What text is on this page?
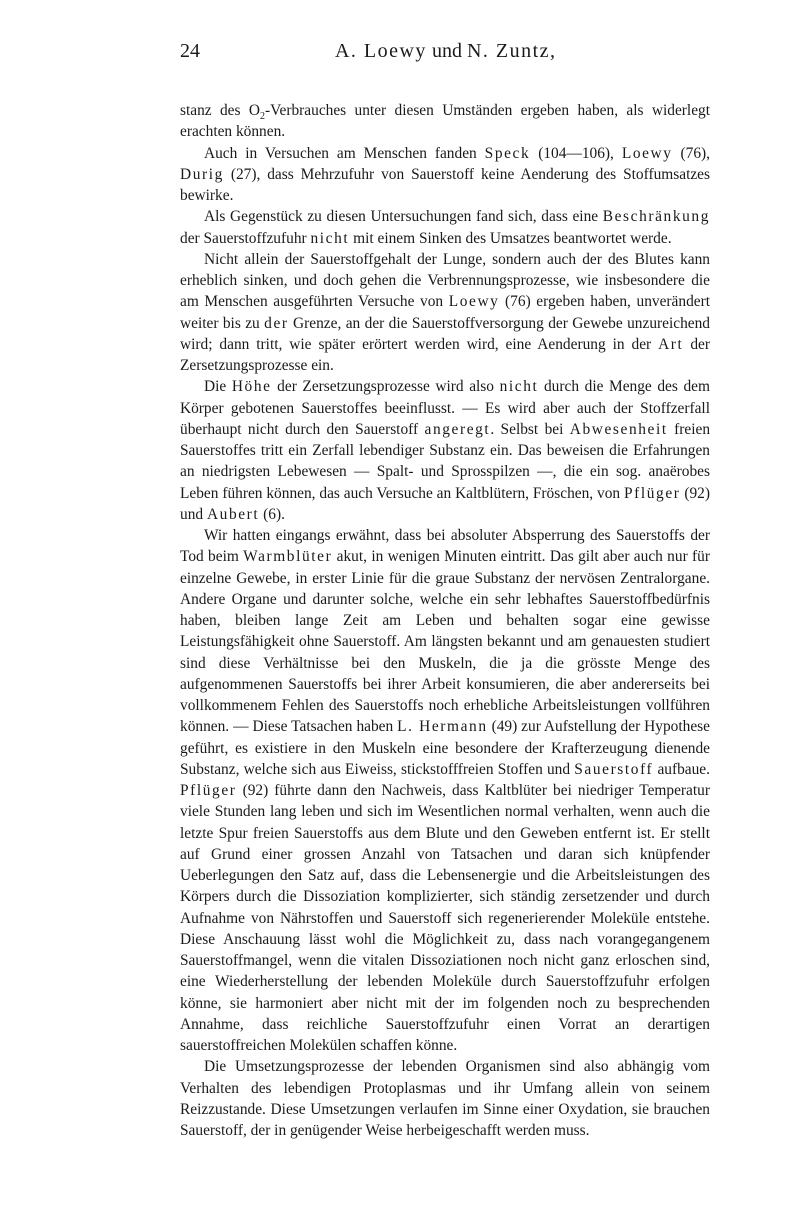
24	A. Loewy und N. Zuntz,

stanz des $O_2$-Verbrauches unter diesen Umständen ergeben haben, als widerlegt erachten können.

Auch in Versuchen am Menschen fanden Speck (104—106), Loewy (76), Durig (27), dass Mehrzufuhr von Sauerstoff keine Aenderung des Stoffumsatzes bewirke.

Als Gegenstück zu diesen Untersuchungen fand sich, dass eine Beschränkung der Sauerstoffzufuhr nicht mit einem Sinken des Umsatzes beantwortet werde.

Nicht allein der Sauerstoffgehalt der Lunge, sondern auch der des Blutes kann erheblich sinken, und doch gehen die Verbrennungsprozesse, wie insbesondere die am Menschen ausgeführten Versuche von Loewy (76) ergeben haben, unverändert weiter bis zu der Grenze, an der die Sauerstoffversorgung der Gewebe unzureichend wird; dann tritt, wie später erörtert werden wird, eine Aenderung in der Art der Zersetzungsprozesse ein.

Die Höhe der Zersetzungsprozesse wird also nicht durch die Menge des dem Körper gebotenen Sauerstoffes beeinflusst. — Es wird aber auch der Stoffzerfall überhaupt nicht durch den Sauerstoff angeregt. Selbst bei Abwesenheit freien Sauerstoffes tritt ein Zerfall lebendiger Substanz ein. Das beweisen die Erfahrungen an niedrigsten Lebewesen — Spalt- und Sprosspilzen —, die ein sog. anaërobes Leben führen können, das auch Versuche an Kaltblütern, Fröschen, von Pflüger (92) und Aubert (6).

Wir hatten eingangs erwähnt, dass bei absoluter Absperrung des Sauerstoffs der Tod beim Warmblüter akut, in wenigen Minuten eintritt. Das gilt aber auch nur für einzelne Gewebe, in erster Linie für die graue Substanz der nervösen Zentralorgane. Andere Organe und darunter solche, welche ein sehr lebhaftes Sauerstoffbedürfnis haben, bleiben lange Zeit am Leben und behalten sogar eine gewisse Leistungsfähigkeit ohne Sauerstoff. Am längsten bekannt und am genauesten studiert sind diese Verhältnisse bei den Muskeln, die ja die grösste Menge des aufgenommenen Sauerstoffs bei ihrer Arbeit konsumieren, die aber andererseits bei vollkommenem Fehlen des Sauerstoffs noch erhebliche Arbeitsleistungen vollführen können. — Diese Tatsachen haben L. Hermann (49) zur Aufstellung der Hypothese geführt, es existiere in den Muskeln eine besondere der Krafterzeugung dienende Substanz, welche sich aus Eiweiss, stickstofffreien Stoffen und Sauerstoff aufbaue. Pflüger (92) führte dann den Nachweis, dass Kaltblüter bei niedriger Temperatur viele Stunden lang leben und sich im Wesentlichen normal verhalten, wenn auch die letzte Spur freien Sauerstoffs aus dem Blute und den Geweben entfernt ist. Er stellt auf Grund einer grossen Anzahl von Tatsachen und daran sich knüpfender Ueberlegungen den Satz auf, dass die Lebensenergie und die Arbeitsleistungen des Körpers durch die Dissoziation komplizierter, sich ständig zersetzender und durch Aufnahme von Nährstoffen und Sauerstoff sich regenerierender Moleküle entstehe. Diese Anschauung lässt wohl die Möglichkeit zu, dass nach vorangegangenem Sauerstoffmangel, wenn die vitalen Dissoziationen noch nicht ganz erloschen sind, eine Wiederherstellung der lebenden Moleküle durch Sauerstoffzufuhr erfolgen könne, sie harmoniert aber nicht mit der im folgenden noch zu besprechenden Annahme, dass reichliche Sauerstoffzufuhr einen Vorrat an derartigen sauerstoffreichen Molekülen schaffen könne.

Die Umsetzungsprozesse der lebenden Organismen sind also abhängig vom Verhalten des lebendigen Protoplasmas und ihr Umfang allein von seinem Reizzustande. Diese Umsetzungen verlaufen im Sinne einer Oxydation, sie brauchen Sauerstoff, der in genügender Weise herbeigeschafft werden muss.
